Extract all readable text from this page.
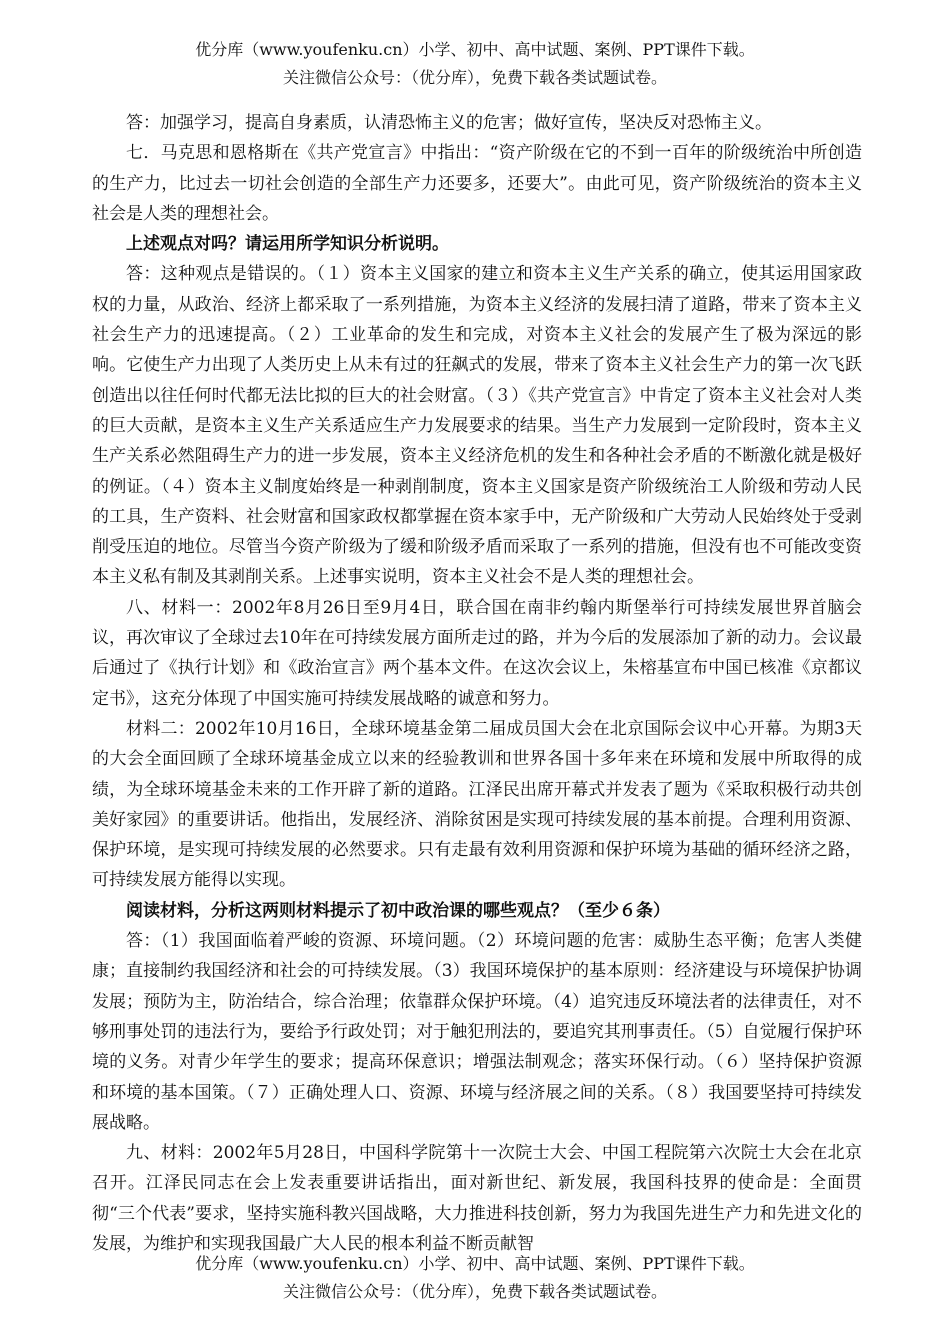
优分库（www.youfenku.cn）小学、初中、高中试题、案例、PPT课件下载。

关注微信公众号：（优分库），免费下载各类试题试卷。

答：加强学习，提高自身素质，认清恐怖主义的危害；做好宣传，坚决反对恐怖主义。

七．马克思和恩格斯在《共产党宣言》中指出：“资产阶级在它的不到一百年的阶级统治中所创造的生产力，比过去一切社会创造的全部生产力还要多，还要大”。由此可见，资产阶级统治的资本主义社会是人类的理想社会。

上述观点对吗？请运用所学知识分析说明。

答：这种观点是错误的。（１）资本主义国家的建立和资本主义生产关系的确立，使其运用国家政权的力量，从政治、经济上都采取了一系列措施，为资本主义经济的发展扫清了道路，带来了资本主义社会生产力的迅速提高。（２）工业革命的发生和完成，对资本主义社会的发展产生了极为深远的影响。它使生产力出现了人类历史上从未有过的狂飙式的发展，带来了资本主义社会生产力的第一次飞跃创造出以往任何时代都无法比拟的巨大的社会财富。（３）《共产党宣言》中肯定了资本主义社会对人类的巨大贡献，是资本主义生产关系适应生产力发展要求的结果。当生产力发展到一定阶段时，资本主义生产关系必然阻碍生产力的进一步发展，资本主义经济危机的发生和各种社会矛盾的不断激化就是极好的例证。（４）资本主义制度始终是一种剥削制度，资本主义国家是资产阶级统治工人阶级和劳动人民的工具，生产资料、社会财富和国家政权都掌握在资本家手中，无产阶级和广大劳动人民始终处于受剥削受压迫的地位。尽管当今资产阶级为了缓和阶级矛盾而采取了一系列的措施，但没有也不可能改变资本主义私有制及其剥削关系。上述事实说明，资本主义社会不是人类的理想社会。

八、材料一：2002年8月26日至9月4日，联合国在南非约翰内斯堡举行可持续发展世界首脑会议，再次审议了全球过去10年在可持续发展方面所走过的路，并为今后的发展添加了新的动力。会议最后通过了《执行计划》和《政治宣言》两个基本文件。在这次会议上，朱榕基宣布中国已核准《京都议定书》，这充分体现了中国实施可持续发展战略的诚意和努力。

材料二：2002年10月16日，全球环境基金第二届成员国大会在北京国际会议中心开幕。为期3天的大会全面回顾了全球环境基金成立以来的经验教训和世界各国十多年来在环境和发展中所取得的成绩，为全球环境基金未来的工作开辟了新的道路。江泽民出席开幕式并发表了题为《采取积极行动共创美好家园》的重要讲话。他指出，发展经济、消除贫困是实现可持续发展的基本前提。合理利用资源、保护环境，是实现可持续发展的必然要求。只有走最有效利用资源和保护环境为基础的循环经济之路，可持续发展方能得以实现。

阅读材料，分析这两则材料提示了初中政治课的哪些观点？（至少６条）

答：（1）我国面临着严峻的资源、环境问题。（2）环境问题的危害：威胁生态平衡；危害人类健康；直接制约我国经济和社会的可持续发展。（3）我国环境保护的基本原则：经济建设与环境保护协调发展；预防为主，防治结合，综合治理；依靠群众保护环境。（4）追究违反环境法者的法律责任，对不够刑事处罚的违法行为，要给予行政处罚；对于触犯刑法的，要追究其刑事责任。（5）自觉履行保护环境的义务。对青少年学生的要求；提高环保意识；增强法制观念；落实环保行动。（６）坚持保护资源和环境的基本国策。（７）正确处理人口、资源、环境与经济展之间的关系。（８）我国要坚持可持续发展战略。

九、材料：2002年5月28日，中国科学院第十一次院士大会、中国工程院第六次院士大会在北京召开。江泽民同志在会上发表重要讲话指出，面对新世纪、新发展，我国科技界的使命是：全面贯彻“三个代表”要求，坚持实施科教兴国战略，大力推进科技创新，努力为我国先进生产力和先进文化的发展，为维护和实现我国最广大人民的根本利益不断贡献智

优分库（www.youfenku.cn）小学、初中、高中试题、案例、PPT课件下载。

关注微信公众号：（优分库），免费下载各类试题试卷。
